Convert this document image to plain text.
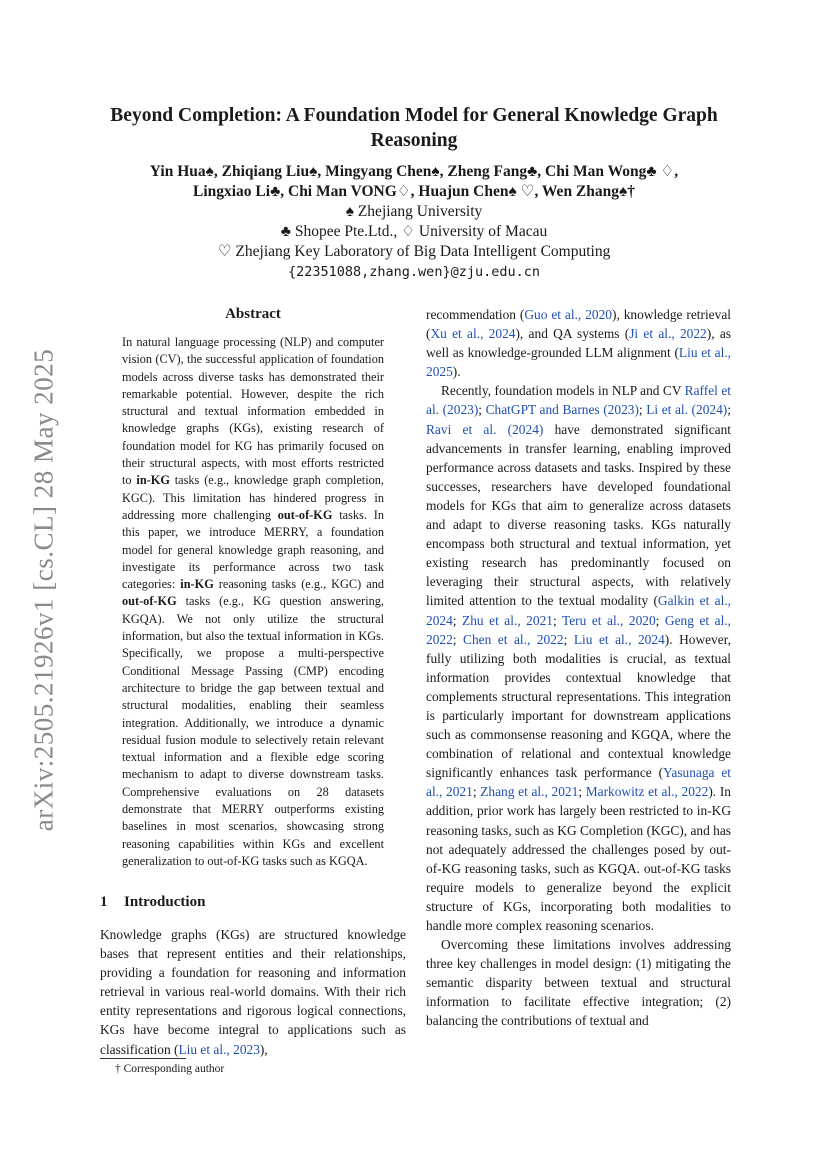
arXiv:2505.21926v1 [cs.CL] 28 May 2025
Beyond Completion: A Foundation Model for General Knowledge Graph Reasoning
Yin Hua♠, Zhiqiang Liu♠, Mingyang Chen♠, Zheng Fang♣, Chi Man Wong♣ ♢,
Lingxiao Li♣, Chi Man VONG♢, Huajun Chen♠ ♡, Wen Zhang♠†
♠ Zhejiang University
♣ Shopee Pte.Ltd., ♢ University of Macau
♡ Zhejiang Key Laboratory of Big Data Intelligent Computing
{22351088,zhang.wen}@zju.edu.cn
Abstract
In natural language processing (NLP) and computer vision (CV), the successful application of foundation models across diverse tasks has demonstrated their remarkable potential. However, despite the rich structural and textual information embedded in knowledge graphs (KGs), existing research of foundation model for KG has primarily focused on their structural aspects, with most efforts restricted to in-KG tasks (e.g., knowledge graph completion, KGC). This limitation has hindered progress in addressing more challenging out-of-KG tasks. In this paper, we introduce MERRY, a foundation model for general knowledge graph reasoning, and investigate its performance across two task categories: in-KG reasoning tasks (e.g., KGC) and out-of-KG tasks (e.g., KG question answering, KGQA). We not only utilize the structural information, but also the textual information in KGs. Specifically, we propose a multi-perspective Conditional Message Passing (CMP) encoding architecture to bridge the gap between textual and structural modalities, enabling their seamless integration. Additionally, we introduce a dynamic residual fusion module to selectively retain relevant textual information and a flexible edge scoring mechanism to adapt to diverse downstream tasks. Comprehensive evaluations on 28 datasets demonstrate that MERRY outperforms existing baselines in most scenarios, showcasing strong reasoning capabilities within KGs and excellent generalization to out-of-KG tasks such as KGQA.
1 Introduction

Knowledge graphs (KGs) are structured knowledge bases that represent entities and their relationships, providing a foundation for reasoning and information retrieval in various real-world domains. With their rich entity representations and rigorous logical connections, KGs have become integral to applications such as classification (Liu et al., 2023),

† Corresponding author

recommendation (Guo et al., 2020), knowledge retrieval (Xu et al., 2024), and QA systems (Ji et al., 2022), as well as knowledge-grounded LLM alignment (Liu et al., 2025).

Recently, foundation models in NLP and CV Raffel et al. (2023); ChatGPT and Barnes (2023); Li et al. (2024); Ravi et al. (2024) have demonstrated significant advancements in transfer learning, enabling improved performance across datasets and tasks. Inspired by these successes, researchers have developed foundational models for KGs that aim to generalize across datasets and adapt to diverse reasoning tasks. KGs naturally encompass both structural and textual information, yet existing research has predominantly focused on leveraging their structural aspects, with relatively limited attention to the textual modality (Galkin et al., 2024; Zhu et al., 2021; Teru et al., 2020; Geng et al., 2022; Chen et al., 2022; Liu et al., 2024). However, fully utilizing both modalities is crucial, as textual information provides contextual knowledge that complements structural representations. This integration is particularly important for downstream applications such as commonsense reasoning and KGQA, where the combination of relational and contextual knowledge significantly enhances task performance (Yasunaga et al., 2021; Zhang et al., 2021; Markowitz et al., 2022). In addition, prior work has largely been restricted to in-KG reasoning tasks, such as KG Completion (KGC), and has not adequately addressed the challenges posed by out-of-KG reasoning tasks, such as KGQA. out-of-KG tasks require models to generalize beyond the explicit structure of KGs, incorporating both modalities to handle more complex reasoning scenarios.

Overcoming these limitations involves addressing three key challenges in model design: (1) mitigating the semantic disparity between textual and structural information to facilitate effective integration; (2) balancing the contributions of textual and
